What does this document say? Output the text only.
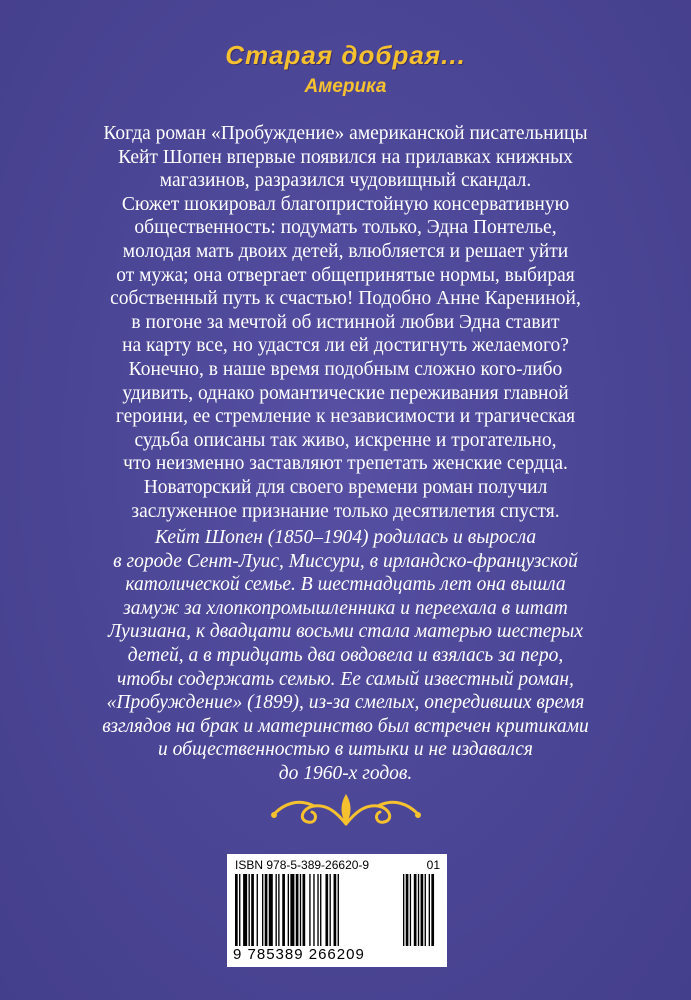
Старая добрая...
Америка
Когда роман «Пробуждение» американской писательницы
Кейт Шопен впервые появился на прилавках книжных
магазинов, разразился чудовищный скандал.
Сюжет шокировал благопристойную консервативную
общественность: подумать только, Эдна Понтелье,
молодая мать двоих детей, влюбляется и решает уйти
от мужа; она отвергает общепринятые нормы, выбирая
собственный путь к счастью! Подобно Анне Карениной,
в погоне за мечтой об истинной любви Эдна ставит
на карту все, но удастся ли ей достигнуть желаемого?
Конечно, в наше время подобным сложно кого-либо
удивить, однако романтические переживания главной
героини, ее стремление к независимости и трагическая
судьба описаны так живо, искренне и трогательно,
что неизменно заставляют трепетать женские сердца.
Новаторский для своего времени роман получил
заслуженное признание только десятилетия спустя.
Кейт Шопен (1850–1904) родилась и выросла
в городе Сент-Луис, Миссури, в ирландско-французской
католической семье. В шестнадцать лет она вышла
замуж за хлопкопромышленника и переехала в штат
Луизиана, к двадцати восьми стала матерью шестерых
детей, а в тридцать два овдовела и взялась за перо,
чтобы содержать семью. Ее самый известный роман,
«Пробуждение» (1899), из-за смелых, опередивших время
взглядов на брак и материнство был встречен критиками
и общественностью в штыки и не издавался
до 1960-х годов.
ISBN 978-5-389-26620-9	01
9 785389 266209
